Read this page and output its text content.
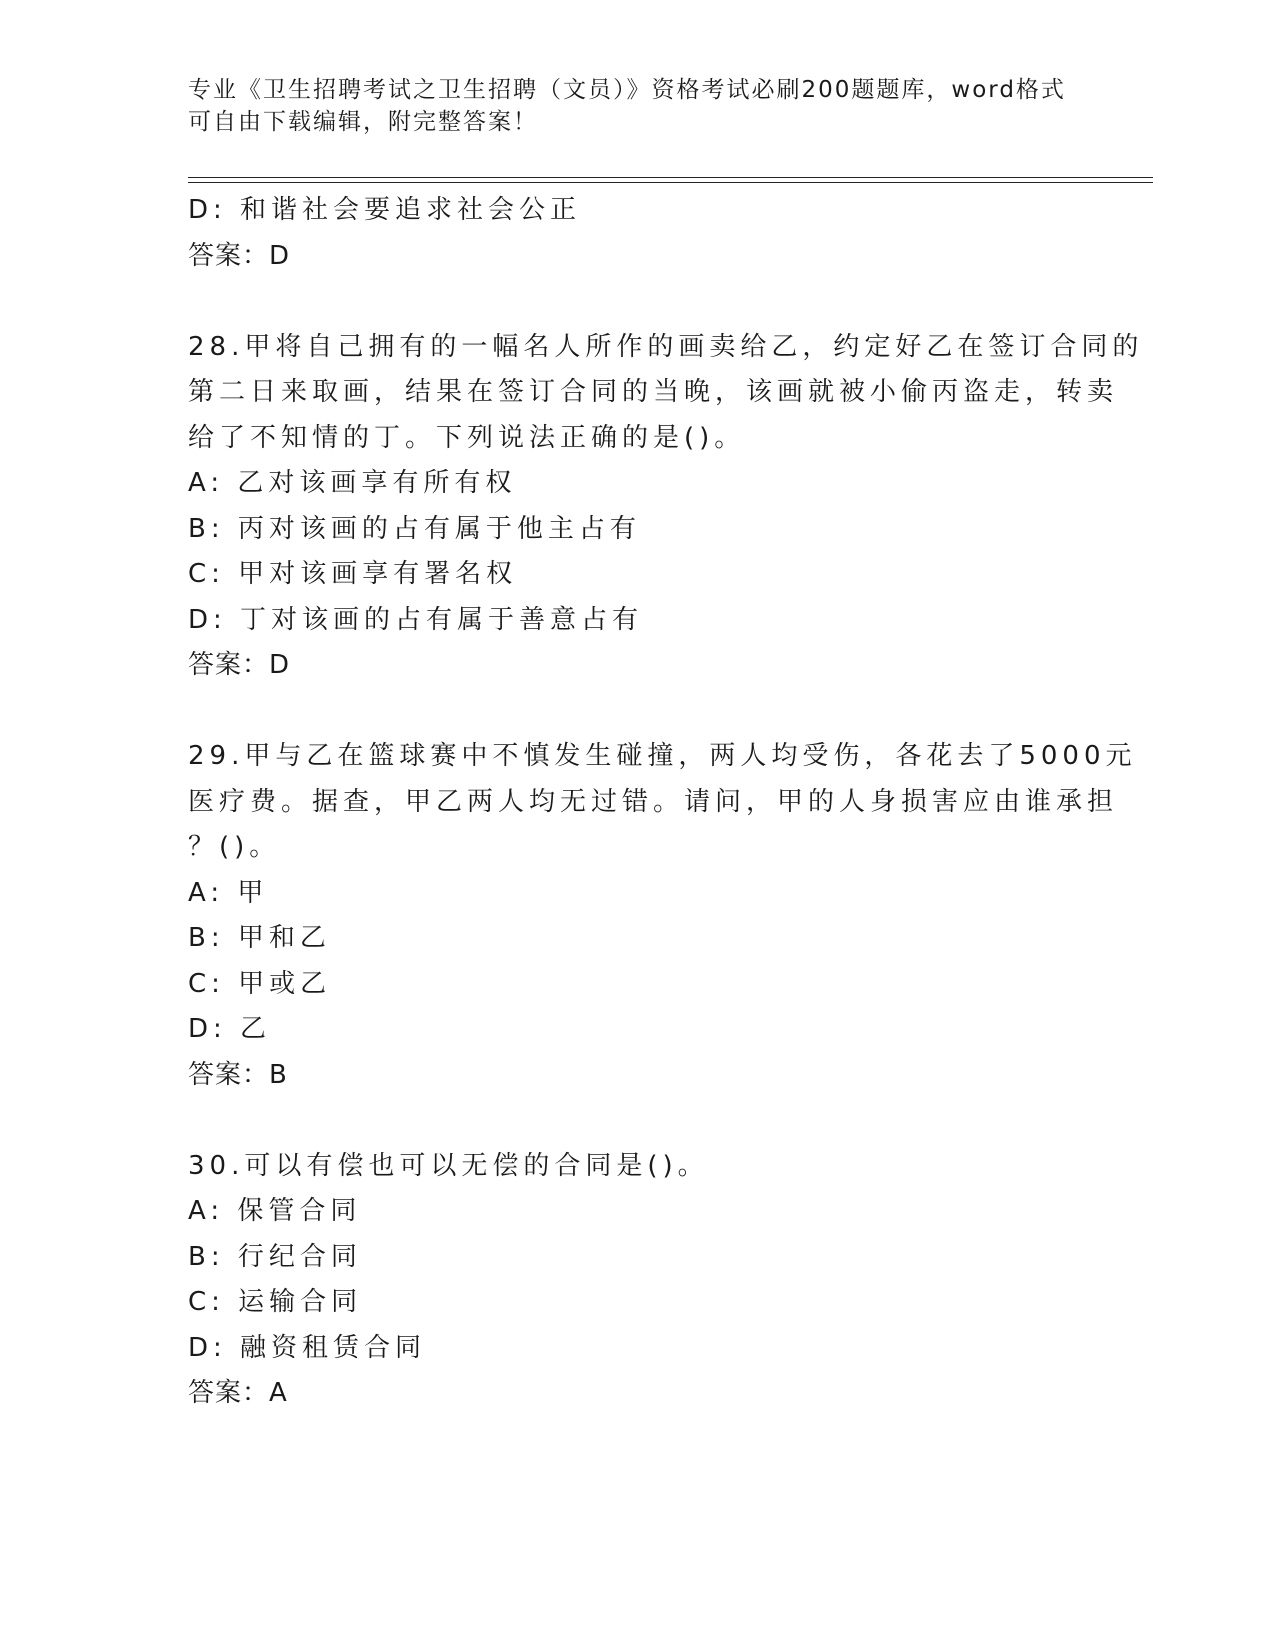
专业《卫生招聘考试之卫生招聘（文员）》资格考试必刷200题题库，word格式
可自由下载编辑，附完整答案！
D: 和谐社会要追求社会公正
答案：D
28.甲将自己拥有的一幅名人所作的画卖给乙，约定好乙在签订合同的
第二日来取画，结果在签订合同的当晚，该画就被小偷丙盗走，转卖
给了不知情的丁。下列说法正确的是()。
A: 乙对该画享有所有权
B: 丙对该画的占有属于他主占有
C: 甲对该画享有署名权
D: 丁对该画的占有属于善意占有
答案：D
29.甲与乙在篮球赛中不慎发生碰撞，两人均受伤，各花去了5000元
医疗费。据查，甲乙两人均无过错。请问，甲的人身损害应由谁承担
？()。
A: 甲
B: 甲和乙
C: 甲或乙
D: 乙
答案：B
30.可以有偿也可以无偿的合同是()。
A: 保管合同
B: 行纪合同
C: 运输合同
D: 融资租赁合同
答案：A
